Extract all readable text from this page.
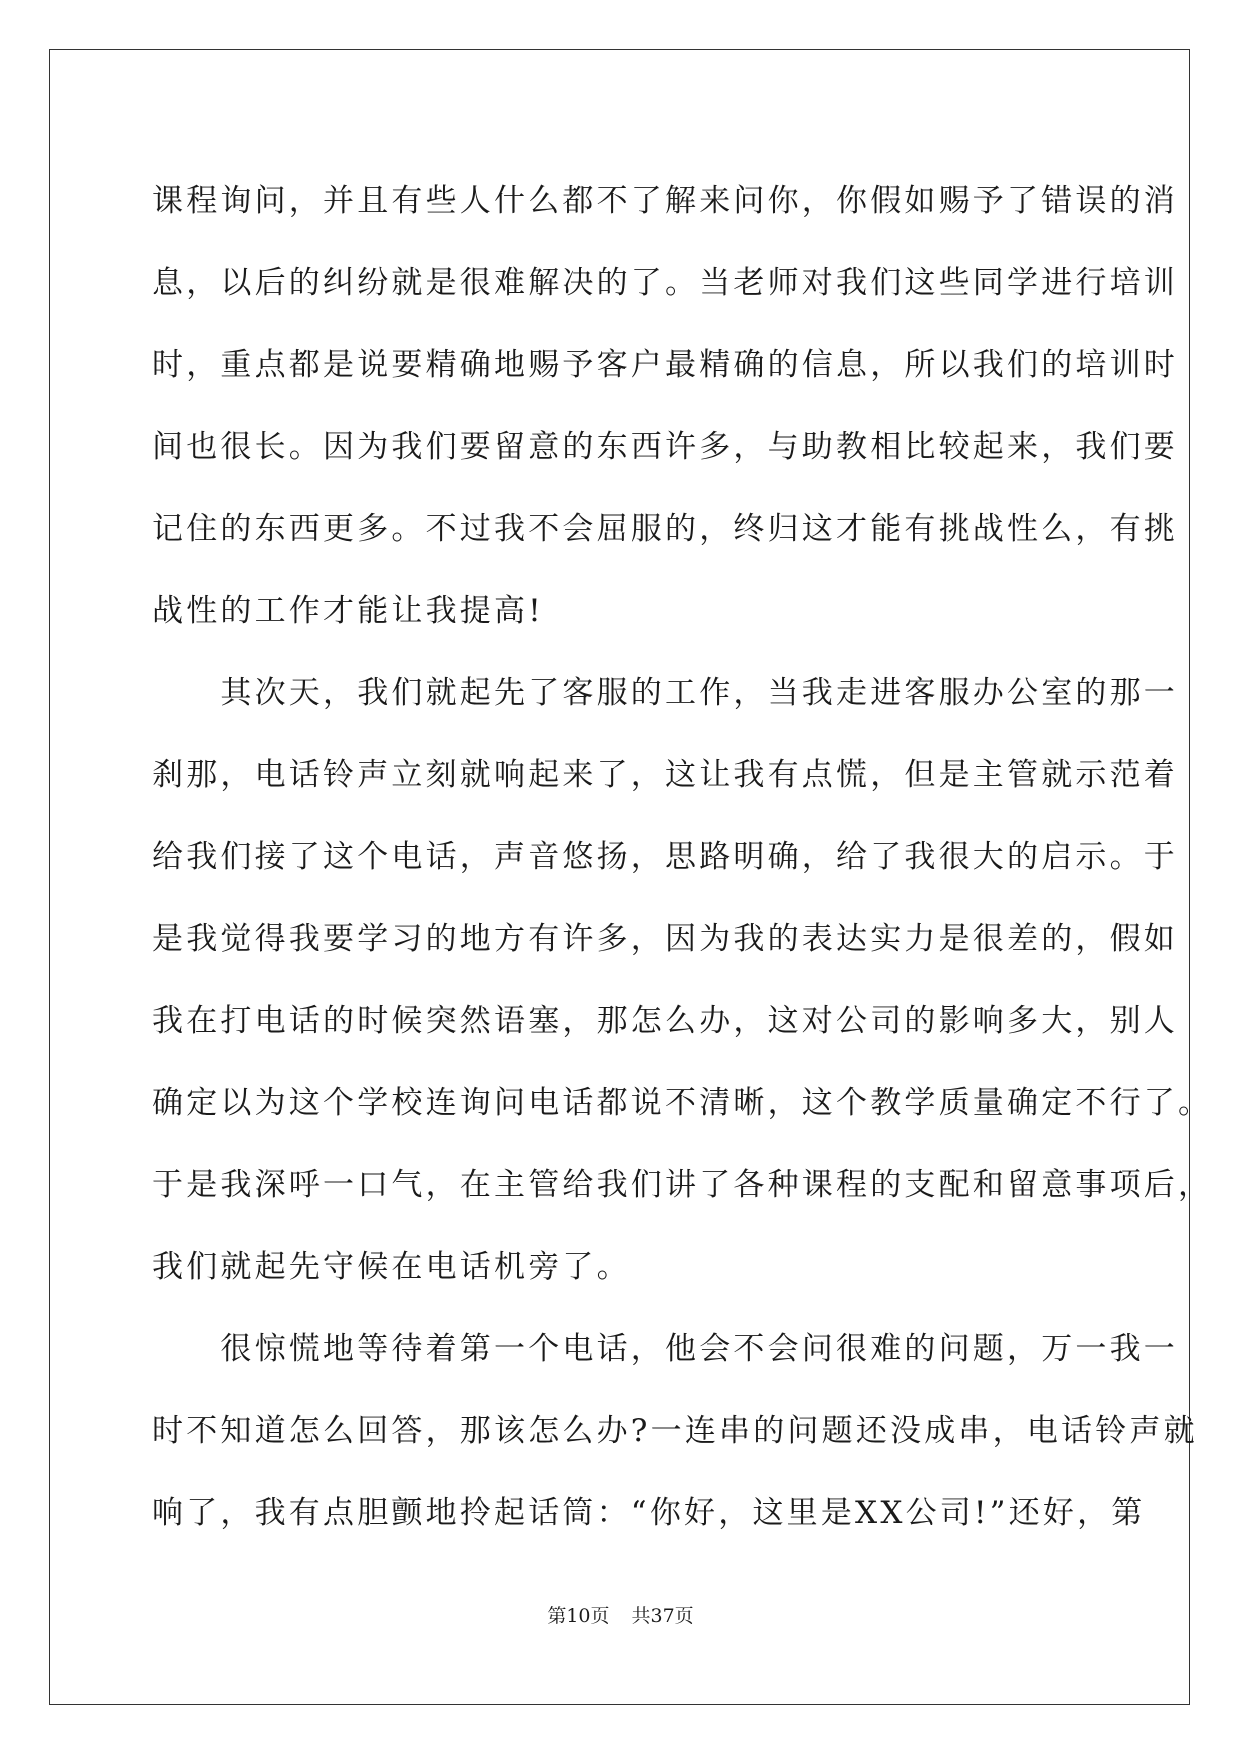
课程询问，并且有些人什么都不了解来问你，你假如赐予了错误的消
息，以后的纠纷就是很难解决的了。当老师对我们这些同学进行培训
时，重点都是说要精确地赐予客户最精确的信息，所以我们的培训时
间也很长。因为我们要留意的东西许多，与助教相比较起来，我们要
记住的东西更多。不过我不会屈服的，终归这才能有挑战性么，有挑
战性的工作才能让我提高!

　　其次天，我们就起先了客服的工作，当我走进客服办公室的那一
刹那，电话铃声立刻就响起来了，这让我有点慌，但是主管就示范着
给我们接了这个电话，声音悠扬，思路明确，给了我很大的启示。于
是我觉得我要学习的地方有许多，因为我的表达实力是很差的，假如
我在打电话的时候突然语塞，那怎么办，这对公司的影响多大，别人
确定以为这个学校连询问电话都说不清晰，这个教学质量确定不行了。
于是我深呼一口气，在主管给我们讲了各种课程的支配和留意事项后，
我们就起先守候在电话机旁了。

　　很惊慌地等待着第一个电话，他会不会问很难的问题，万一我一
时不知道怎么回答，那该怎么办?一连串的问题还没成串，电话铃声就
响了，我有点胆颤地拎起话筒：“你好，这里是XX公司!”还好，第

第10页 共37页
